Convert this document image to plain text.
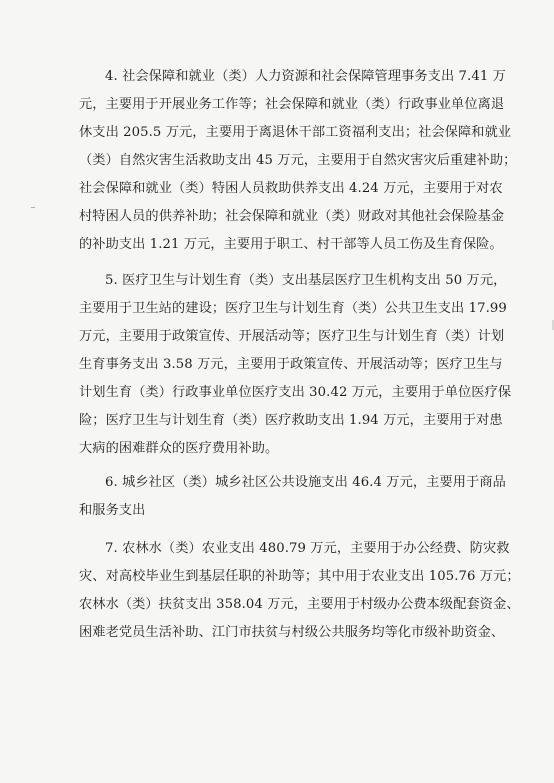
4. 社会保障和就业（类）人力资源和社会保障管理事务支出 7.41 万
元，主要用于开展业务工作等；社会保障和就业（类）行政事业单位离退
休支出 205.5 万元，主要用于离退休干部工资福利支出；社会保障和就业
（类）自然灾害生活救助支出 45 万元，主要用于自然灾害灾后重建补助；
社会保障和就业（类）特困人员救助供养支出 4.24 万元，主要用于对农
村特困人员的供养补助；社会保障和就业（类）财政对其他社会保险基金
的补助支出 1.21 万元，主要用于职工、村干部等人员工伤及生育保险。
5. 医疗卫生与计划生育（类）支出基层医疗卫生机构支出 50 万元，
主要用于卫生站的建设；医疗卫生与计划生育（类）公共卫生支出 17.99
万元，主要用于政策宣传、开展活动等；医疗卫生与计划生育（类）计划
生育事务支出 3.58 万元，主要用于政策宣传、开展活动等；医疗卫生与
计划生育（类）行政事业单位医疗支出 30.42 万元，主要用于单位医疗保
险；医疗卫生与计划生育（类）医疗救助支出 1.94 万元，主要用于对患
大病的困难群众的医疗费用补助。
6. 城乡社区（类）城乡社区公共设施支出 46.4 万元，主要用于商品
和服务支出
7. 农林水（类）农业支出 480.79 万元，主要用于办公经费、防灾救
灾、对高校毕业生到基层任职的补助等；其中用于农业支出 105.76 万元；
农林水（类）扶贫支出 358.04 万元，主要用于村级办公费本级配套资金、
困难老党员生活补助、江门市扶贫与村级公共服务均等化市级补助资金、
